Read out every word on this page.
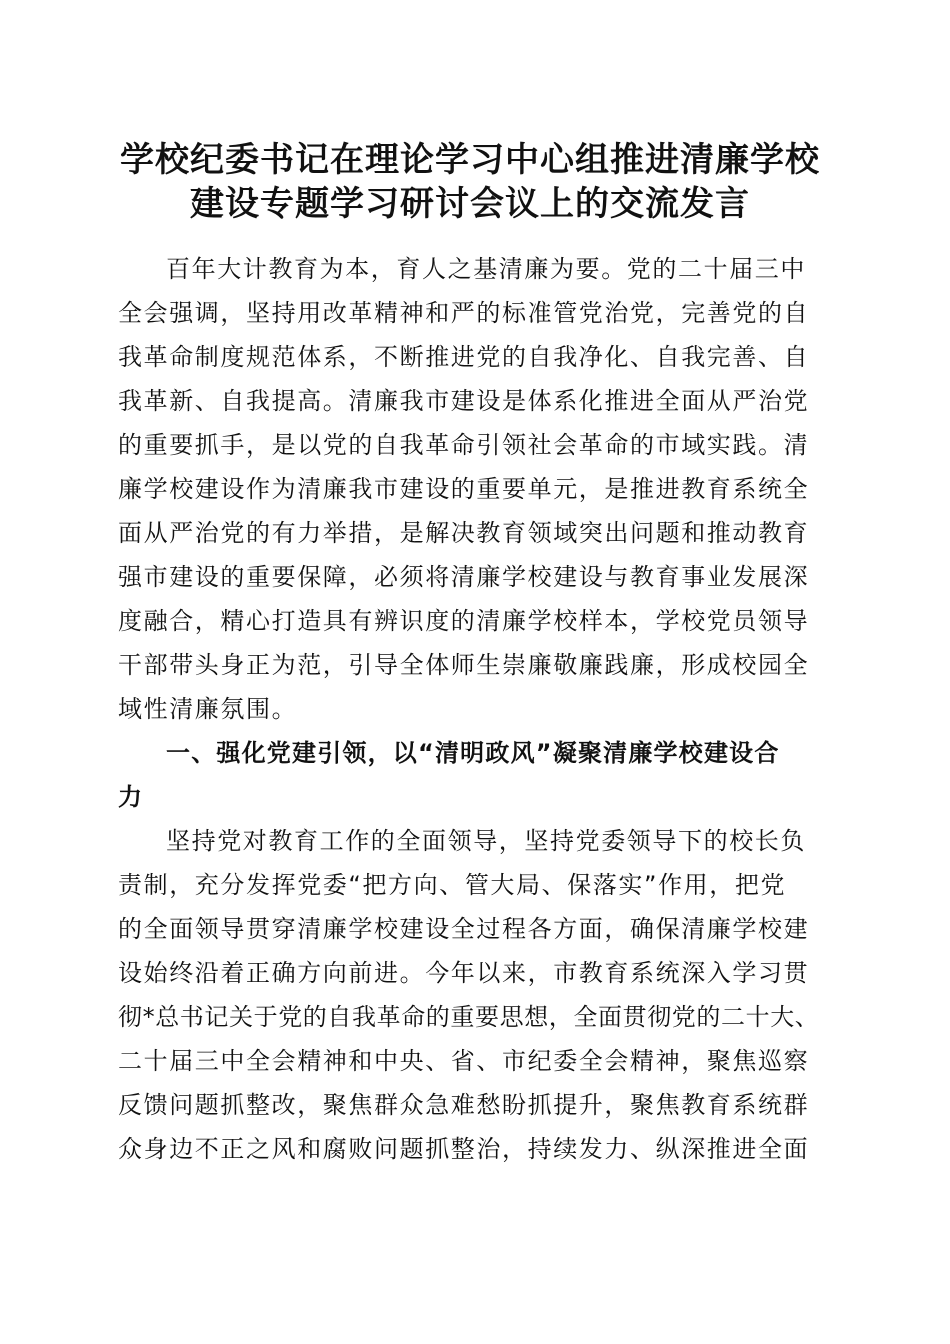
学校纪委书记在理论学习中心组推进清廉学校
建设专题学习研讨会议上的交流发言
百年大计教育为本，育人之基清廉为要。党的二十届三中
全会强调，坚持用改革精神和严的标准管党治党，完善党的自
我革命制度规范体系，不断推进党的自我净化、自我完善、自
我革新、自我提高。清廉我市建设是体系化推进全面从严治党
的重要抓手，是以党的自我革命引领社会革命的市域实践。清
廉学校建设作为清廉我市建设的重要单元，是推进教育系统全
面从严治党的有力举措，是解决教育领域突出问题和推动教育
强市建设的重要保障，必须将清廉学校建设与教育事业发展深
度融合，精心打造具有辨识度的清廉学校样本，学校党员领导
干部带头身正为范，引导全体师生崇廉敬廉践廉，形成校园全
域性清廉氛围。
一、强化党建引领，以“清明政风”凝聚清廉学校建设合
力
坚持党对教育工作的全面领导，坚持党委领导下的校长负
责制，充分发挥党委“把方向、管大局、保落实”作用，把党
的全面领导贯穿清廉学校建设全过程各方面，确保清廉学校建
设始终沿着正确方向前进。今年以来，市教育系统深入学习贯
彻*总书记关于党的自我革命的重要思想，全面贯彻党的二十大、
二十届三中全会精神和中央、省、市纪委全会精神，聚焦巡察
反馈问题抓整改，聚焦群众急难愁盼抓提升，聚焦教育系统群
众身边不正之风和腐败问题抓整治，持续发力、纵深推进全面
